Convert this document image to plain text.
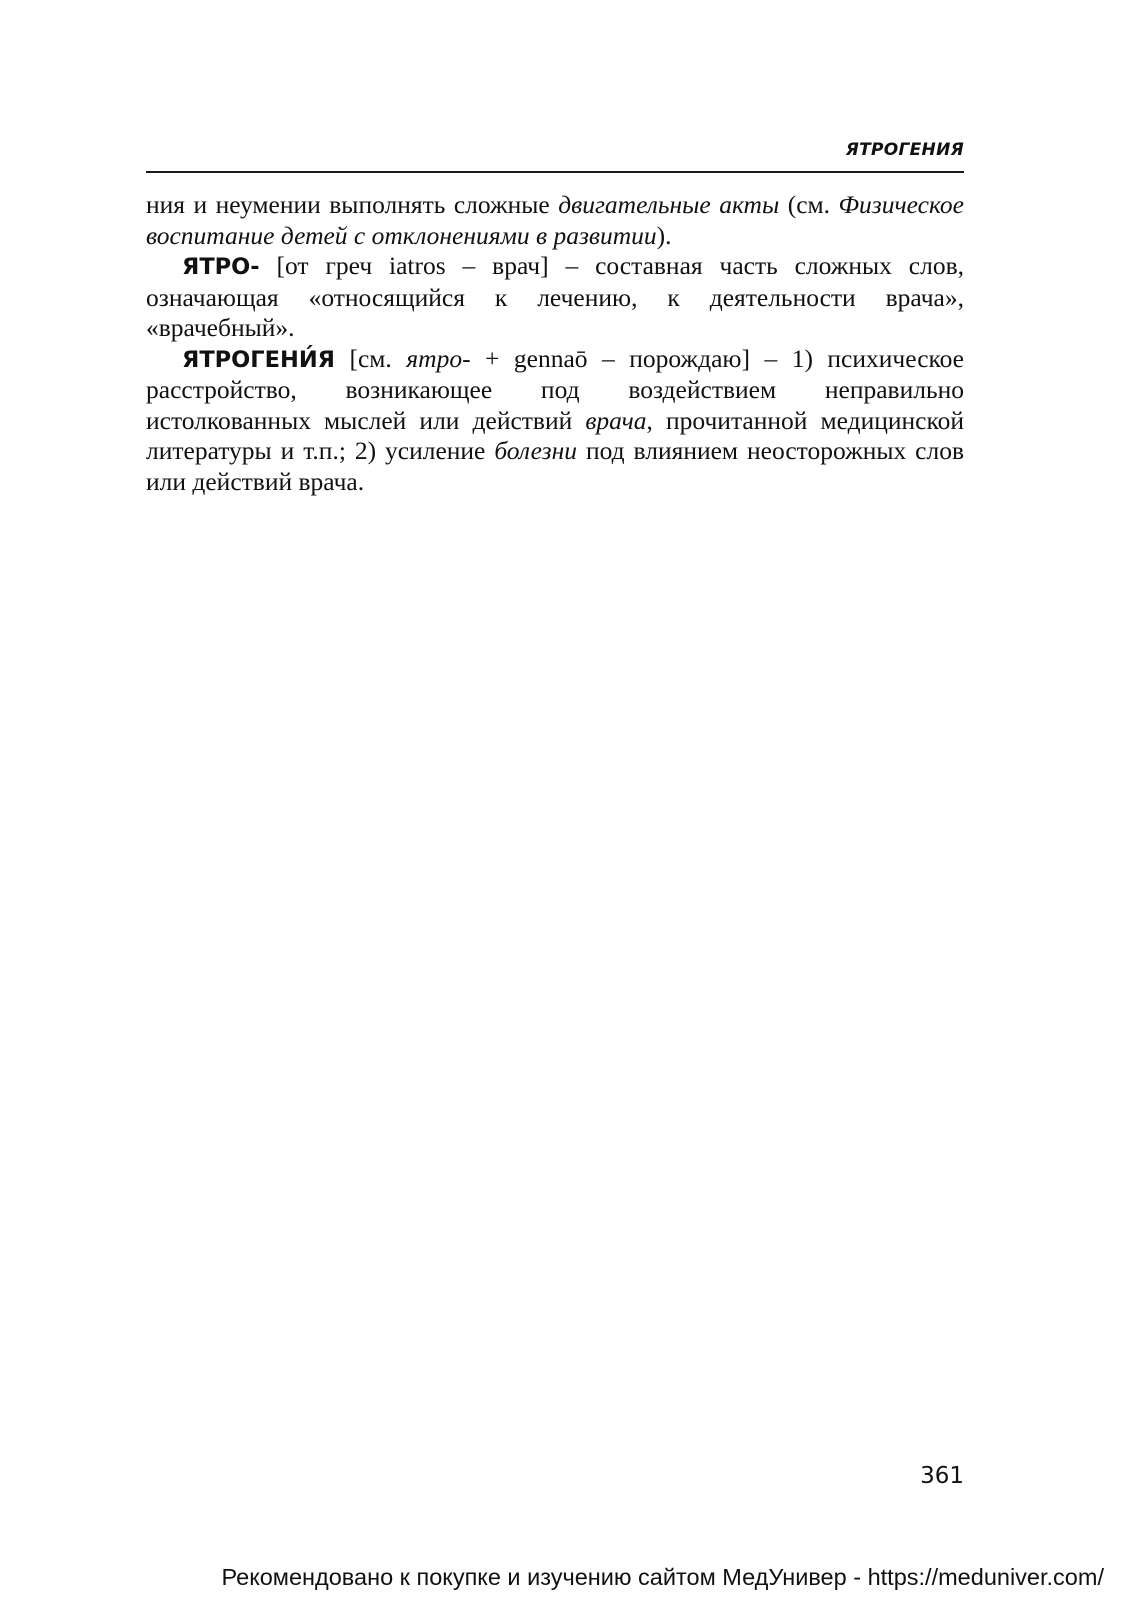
ЯТРОГЕНИЯ

ния и неумении выполнять сложные двигательные акты (см. Физическое воспитание детей с отклонениями в развитии).

ЯТРО- [от греч iatros – врач] – составная часть сложных слов, означающая «относящийся к лечению, к деятельности врача», «врачебный».

ЯТРОГЕНИ́Я [см. ятро- + gennaō – порождаю] – 1) психическое расстройство, возникающее под воздействием неправильно истолкованных мыслей или действий врача, прочитанной медицинской литературы и т.п.; 2) усиление болезни под влиянием неосторожных слов или действий врача.

361
Рекомендовано к покупке и изучению сайтом МедУнивер - https://meduniver.com/
